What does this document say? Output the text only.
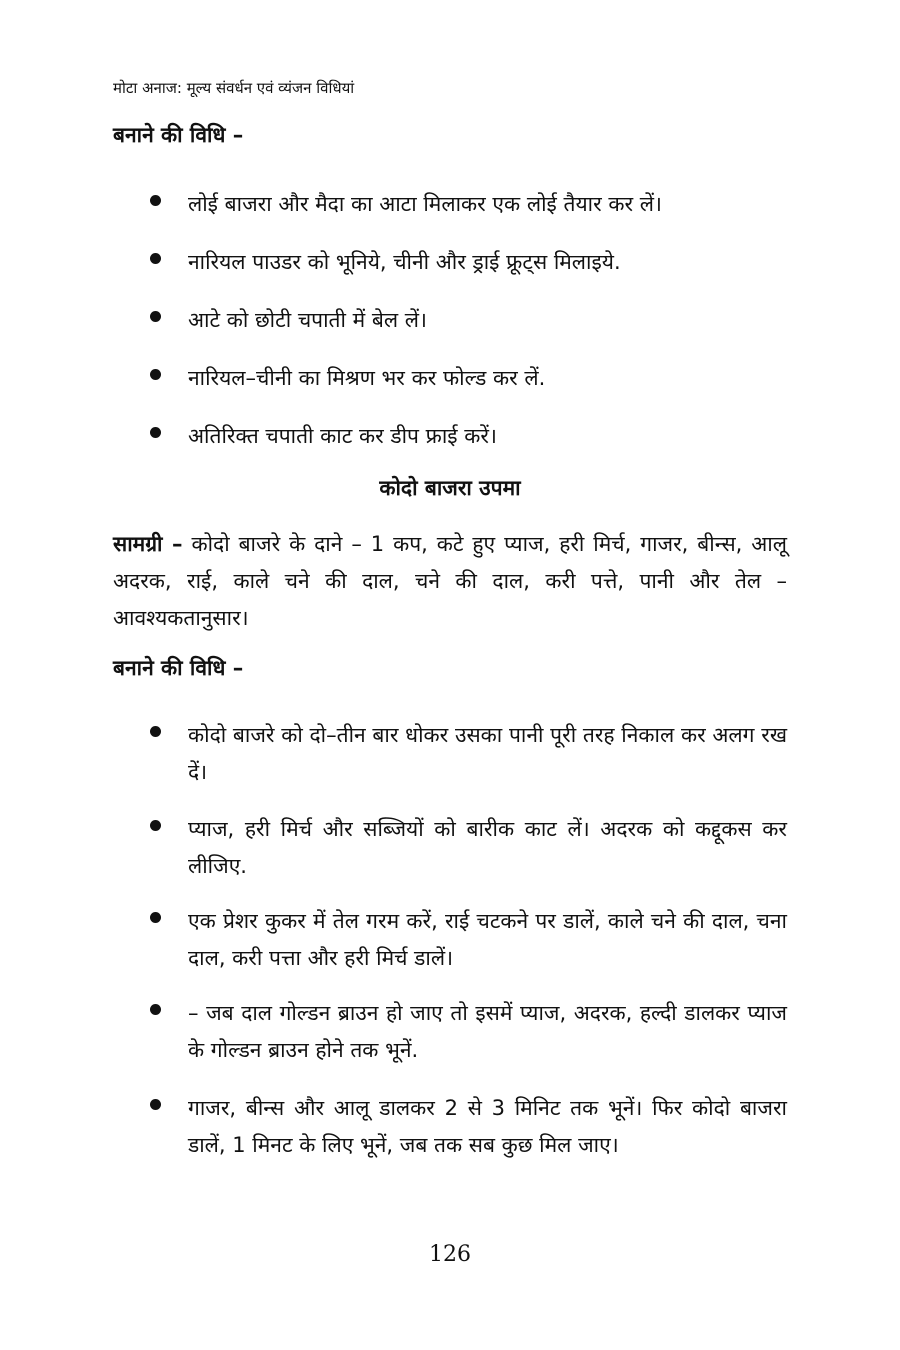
मोटा अनाज: मूल्य संवर्धन एवं व्यंजन विधियां
बनाने की विधि –
लोई बाजरा और मैदा का आटा मिलाकर एक लोई तैयार कर लें।
नारियल पाउडर को भूनिये, चीनी और ड्राई फ्रूट्स मिलाइये.
आटे को छोटी चपाती में बेल लें।
नारियल–चीनी का मिश्रण भर कर फोल्ड कर लें.
अतिरिक्त चपाती काट कर डीप फ्राई करें।
कोदो बाजरा उपमा

सामग्री – कोदो बाजरे के दाने – 1 कप, कटे हुए प्याज, हरी मिर्च, गाजर, बीन्स, आलू अदरक, राई, काले चने की दाल, चने की दाल, करी पत्ते, पानी और तेल – आवश्यकतानुसार।

बनाने की विधि –
कोदो बाजरे को दो–तीन बार धोकर उसका पानी पूरी तरह निकाल कर अलग रख दें।
प्याज, हरी मिर्च और सब्जियों को बारीक काट लें। अदरक को कद्दूकस कर लीजिए.
एक प्रेशर कुकर में तेल गरम करें, राई चटकने पर डालें, काले चने की दाल, चना दाल, करी पत्ता और हरी मिर्च डालें।
– जब दाल गोल्डन ब्राउन हो जाए तो इसमें प्याज, अदरक, हल्दी डालकर प्याज के गोल्डन ब्राउन होने तक भूनें.
गाजर, बीन्स और आलू डालकर 2 से 3 मिनिट तक भूनें। फिर कोदो बाजरा डालें, 1 मिनट के लिए भूनें, जब तक सब कुछ मिल जाए।
126
